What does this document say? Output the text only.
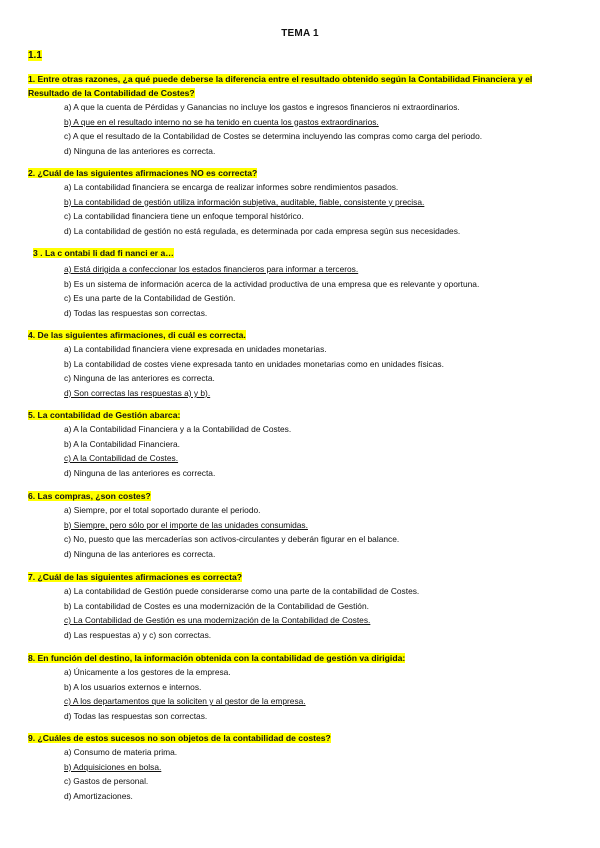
TEMA 1
1.1
1. Entre otras razones, ¿a qué puede deberse la diferencia entre el resultado obtenido según la Contabilidad Financiera y el Resultado de la Contabilidad de Costes?
a) A que la cuenta de Pérdidas y Ganancias no incluye los gastos e ingresos financieros ni extraordinarios.
b) A que en el resultado interno no se ha tenido en cuenta los gastos extraordinarios.
c) A que el resultado de la Contabilidad de Costes se determina incluyendo las compras como carga del periodo.
d) Ninguna de las anteriores es correcta.
2. ¿Cuál de las siguientes afirmaciones NO es correcta?
a) La contabilidad financiera se encarga de realizar informes sobre rendimientos pasados.
b) La contabilidad de gestión utiliza información subjetiva, auditable, fiable, consistente y precisa.
c) La contabilidad financiera tiene un enfoque temporal histórico.
d) La contabilidad de gestión no está regulada, es determinada por cada empresa según sus necesidades.
3 . La c ontabi li dad fi nanci er a…
a) Está dirigida a confeccionar los estados financieros para informar a terceros.
b) Es un sistema de información acerca de la actividad productiva de una empresa que es relevante y oportuna.
c) Es una parte de la Contabilidad de Gestión.
d) Todas las respuestas son correctas.
4. De las siguientes afirmaciones, di cuál es correcta.
a) La contabilidad financiera viene expresada en unidades monetarias.
b) La contabilidad de costes viene expresada tanto en unidades monetarias como en unidades físicas.
c) Ninguna de las anteriores es correcta.
d) Son correctas las respuestas a) y b).
5. La contabilidad de Gestión abarca:
a) A la Contabilidad Financiera y a la Contabilidad de Costes.
b) A la Contabilidad Financiera.
c) A la Contabilidad de Costes.
d) Ninguna de las anteriores es correcta.
6. Las compras, ¿son costes?
a) Siempre, por el total soportado durante el periodo.
b) Siempre, pero sólo por el importe de las unidades consumidas.
c) No, puesto que las mercaderías son activos-circulantes y deberán figurar en el balance.
d) Ninguna de las anteriores es correcta.
7. ¿Cuál de las siguientes afirmaciones es correcta?
a) La contabilidad de Gestión puede considerarse como una parte de la contabilidad de Costes.
b) La contabilidad de Costes es una modernización de la Contabilidad de Gestión.
c) La Contabilidad de Gestión es una modernización de la Contabilidad de Costes.
d) Las respuestas a) y c) son correctas.
8. En función del destino, la información obtenida con la contabilidad de gestión va dirigida:
a) Únicamente a los gestores de la empresa.
b) A los usuarios externos e internos.
c) A los departamentos que la soliciten y al gestor de la empresa.
d) Todas las respuestas son correctas.
9. ¿Cuáles de estos sucesos no son objetos de la contabilidad de costes?
a) Consumo de materia prima.
b) Adquisiciones en bolsa.
c) Gastos de personal.
d) Amortizaciones.
